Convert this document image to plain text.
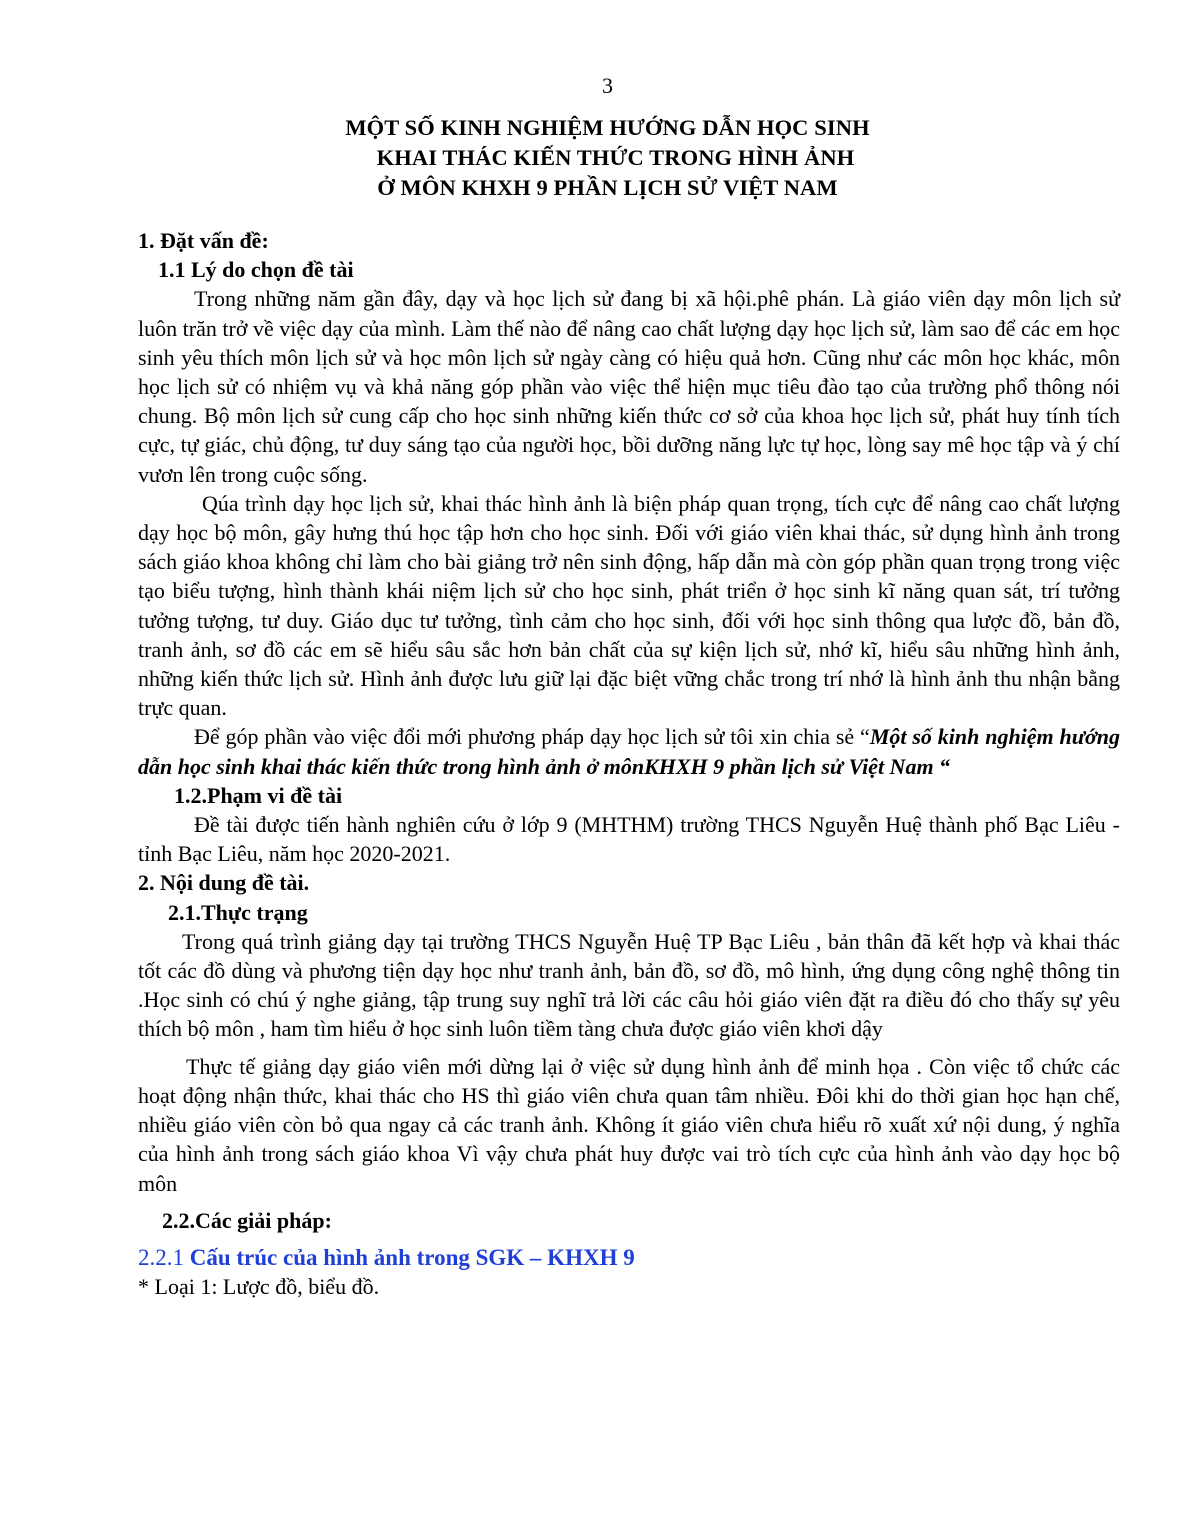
3
MỘT SỐ KINH NGHIỆM HƯỚNG DẪN HỌC SINH
KHAI THÁC KIẾN THỨC TRONG HÌNH ẢNH
Ở MÔN KHXH 9 PHẦN LỊCH SỬ VIỆT NAM

1. Đặt vấn đề:

1.1 Lý do chọn đề tài

Trong những năm gần đây, dạy và học lịch sử đang bị xã hội.phê phán. Là giáo viên dạy môn lịch sử luôn trăn trở về việc dạy của mình. Làm thế nào để nâng cao chất lượng dạy học lịch sử, làm sao để các em học sinh yêu thích môn lịch sử và học môn lịch sử ngày càng có hiệu quả hơn. Cũng như các môn học khác, môn học lịch sử có nhiệm vụ và khả năng góp phần vào việc thể hiện mục tiêu đào tạo của trường phổ thông nói chung. Bộ môn lịch sử cung cấp cho học sinh những kiến thức cơ sở của khoa học lịch sử, phát huy tính tích cực, tự giác, chủ động, tư duy sáng tạo của người học, bồi dưỡng năng lực tự học, lòng say mê học tập và ý chí vươn lên trong cuộc sống.

Qúa trình dạy học lịch sử, khai thác hình ảnh là biện pháp quan trọng, tích cực để nâng cao chất lượng dạy học bộ môn, gây hưng thú học tập hơn cho học sinh. Đối với giáo viên khai thác, sử dụng hình ảnh trong sách giáo khoa không chỉ làm cho bài giảng trở nên sinh động, hấp dẫn mà còn góp phần quan trọng trong việc tạo biểu tượng, hình thành khái niệm lịch sử cho học sinh, phát triển ở học sinh kĩ năng quan sát, trí tưởng tưởng tượng, tư duy. Giáo dục tư tưởng, tình cảm cho học sinh, đối với học sinh thông qua lược đồ, bản đồ, tranh ảnh, sơ đồ các em sẽ hiểu sâu sắc hơn bản chất của sự kiện lịch sử, nhớ kĩ, hiểu sâu những hình ảnh, những kiến thức lịch sử. Hình ảnh được lưu giữ lại đặc biệt vững chắc trong trí nhớ là hình ảnh thu nhận bằng trực quan.

Để góp phần vào việc đổi mới phương pháp dạy học lịch sử tôi xin chia sẻ “Một số kinh nghiệm hướng dẫn học sinh khai thác kiến thức trong hình ảnh ở mônKHXH 9 phần lịch sử Việt Nam “

1.2.Phạm vi đề tài

Đề tài được tiến hành nghiên cứu ở lớp 9 (MHTHM) trường THCS Nguyễn Huệ thành phố Bạc Liêu - tỉnh Bạc Liêu, năm học 2020-2021.

2. Nội dung đề tài.

2.1.Thực trạng

Trong quá trình giảng dạy tại trường THCS Nguyễn Huệ TP Bạc Liêu , bản thân đã kết hợp và khai thác tốt các đồ dùng và phương tiện dạy học như tranh ảnh, bản đồ, sơ đồ, mô hình, ứng dụng công nghệ thông tin .Học sinh có chú ý nghe giảng, tập trung suy nghĩ trả lời các câu hỏi giáo viên đặt ra điều đó cho thấy sự yêu thích bộ môn , ham tìm hiểu ở học sinh luôn tiềm tàng chưa được giáo viên khơi dậy

Thực tế giảng dạy giáo viên mới dừng lại ở việc sử dụng hình ảnh để minh họa . Còn việc tổ chức các hoạt động nhận thức, khai thác cho HS thì giáo viên chưa quan tâm nhiều. Đôi khi do thời gian học hạn chế, nhiều giáo viên còn bỏ qua ngay cả các tranh ảnh. Không ít giáo viên chưa hiểu rõ xuất xứ nội dung, ý nghĩa của hình ảnh trong sách giáo khoa Vì vậy chưa phát huy được vai trò tích cực của hình ảnh vào dạy học bộ môn

2.2.Các giải pháp:

2.2.1 Cấu trúc của hình ảnh trong SGK – KHXH 9

* Loại 1: Lược đồ, biểu đồ.
